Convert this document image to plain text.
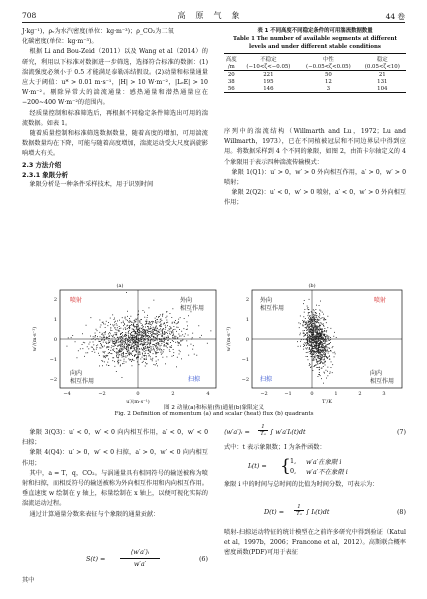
708	高原气象	44 卷

J·kg⁻¹)，ρᵥ为水汽密度(单位：kg·m⁻³)；ρ_CO₂为二氧

化碳密度(单位：kg·m⁻³)。

根据 Li and Bou-Zeid（2011）以及 Wang et al（2014）的研究，利用以下标准对数据进一步筛选，选择符合标准的数据：(1)湍流强度必须小于 0.5 才能满足泰勒冻结假设。(2)动量和标量通量应大于阈值：u* > 0.01 m·s⁻¹，|H| > 10 W·m⁻²，|LₑE| > 10 W·m⁻²。剔除异常大的湍流通量：感热通量和潜热通量应在−200~400 W·m⁻²的范围内。

经质量控制和标准筛选后，再根据不同稳定条件筛选出可用的湍流数据。如表 1。

随着质量控制和标准筛选数据数量，随着高度的增加，可用湍流数据数量均在下降，可能与随着高度增加，湍流运动受大尺度涡旋影响增大有关。

2.3 方法介绍

2.3.1 象限分析

象限分析是一种条件采样技术，用于识别时间

表 1 不同高度不同稳定条件的可用湍流数据数量
Table 1 The number of available segments at different
levels and under different stable conditions
高度	不稳定	中性	稳定
/m	(−10<ζ<−0.05)	(−0.05<ζ<0.05)	(0.05<ζ<10)
20	221	50	21
38	195	12	131
56	146	3	104

序列中的湍流结构（Willmarth and Lu，1972；Lu and Willmarth，1973），已在不同植被冠层和不同边界层中得到应用。将数据采样到 4 个不同的象限，如图 2，由笛卡尔轴定义的 4 个象限用于表示四种湍流传输模式：

象限 1(Q1)：u′ > 0，w′ > 0 外向相互作用，a′ > 0，w′ > 0 喷射；

象限 2(Q2)：u′ < 0，w′ > 0 喷射，a′ < 0，w′ > 0 外向相互作用；

(a)
2
1
0
−1
−2
−4	−2	0	2	4
u′/(m·s⁻¹)
w′/(m·s⁻¹)
喷射	外向
相互作用
向内
相互作用	扫掠
(b)
2
1
0
−1
−2
−2	−1	0	1	2	3
T′/K
w′/(m·s⁻¹)
外向
相互作用
喷射
扫掠
向内
相互作用
图 2 动量(a)和标量(热)通量(b)象限定义
Fig. 2 Definition of momentum (a) and scalar (heat) flux (b) quadrants

象限 3(Q3)：u′ < 0，w′ < 0 向内相互作用，a′ < 0，w′ < 0 扫掠；

象限 4(Q4)：u′ > 0，w′ < 0 扫掠，a′ > 0，w′ < 0 向内相互作用；

其中，a = T，q，CO₂。与涡通量具有相同符号的输送被称为喷射和扫掠，而相反符号的输送被称为外向相互作用和内向相互作用。垂直速度 w 绘制在 y 轴上，标量绘制在 x 轴上，以便可视化实际的湍流运动过程。

通过计算通量分数来表征与个象限的通量贡献：

S(t) =
⟨w′a′⟩ᵢ
w′a′
(6)
其中
⟨w′a′⟩ᵢ =
1
Tₐ ∫ w′a′Iᵢ(t)dt	(7)
式中：t 表示象限数；I 为条件函数：
Iᵢ(t) = { 1, w′a′在象限 i
0, w′a′不在象限 i
象限 i 中的时间与总时间的比值为时间分数，可表示为：
D(t) =
1
Tₐ ∫ Iᵢ(t)dt	(8)
喷射-扫掠运动特征的统计模型在之前许多研究中得到验证（Katul et al，1997b，2006；Francone et al，2012）。高斯联合概率密度函数(PDF)可用于表征
